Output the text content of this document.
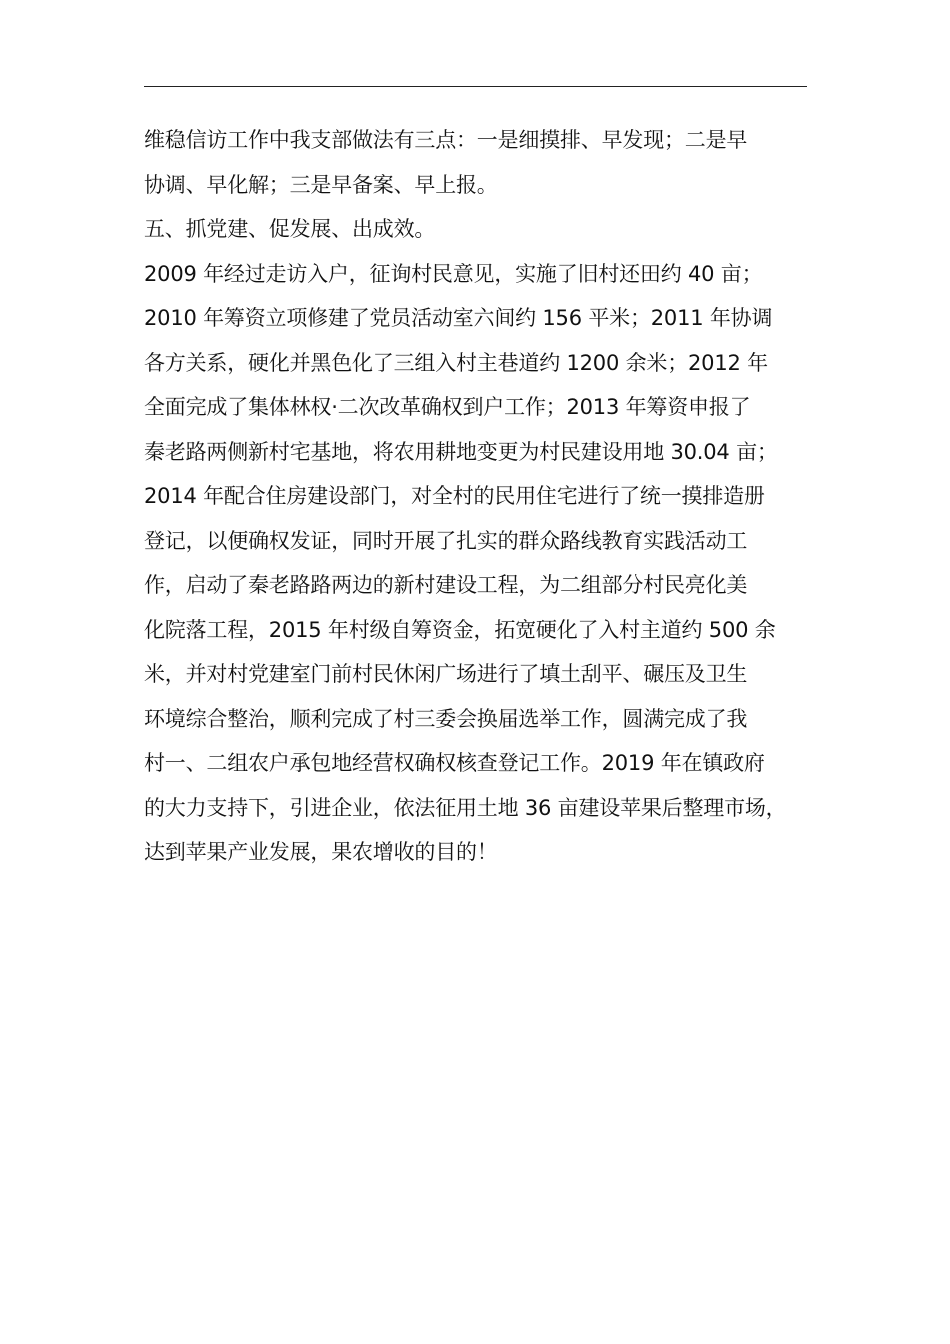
维稳信访工作中我支部做法有三点：一是细摸排、早发现；二是早
协调、早化解；三是早备案、早上报。
五、抓党建、促发展、出成效。
2009 年经过走访入户，征询村民意见，实施了旧村还田约 40 亩；
2010 年筹资立项修建了党员活动室六间约 156 平米；2011 年协调
各方关系，硬化并黑色化了三组入村主巷道约 1200 余米；2012 年
全面完成了集体林权·二次改革确权到户工作；2013 年筹资申报了
秦老路两侧新村宅基地，将农用耕地变更为村民建设用地 30.04 亩；
2014 年配合住房建设部门，对全村的民用住宅进行了统一摸排造册
登记，以便确权发证，同时开展了扎实的群众路线教育实践活动工
作，启动了秦老路路两边的新村建设工程，为二组部分村民亮化美
化院落工程，2015 年村级自筹资金，拓宽硬化了入村主道约 500 余
米，并对村党建室门前村民休闲广场进行了填土刮平、碾压及卫生
环境综合整治，顺利完成了村三委会换届选举工作，圆满完成了我
村一、二组农户承包地经营权确权核查登记工作。2019 年在镇政府
的大力支持下，引进企业，依法征用土地 36 亩建设苹果后整理市场，
达到苹果产业发展，果农增收的目的！
